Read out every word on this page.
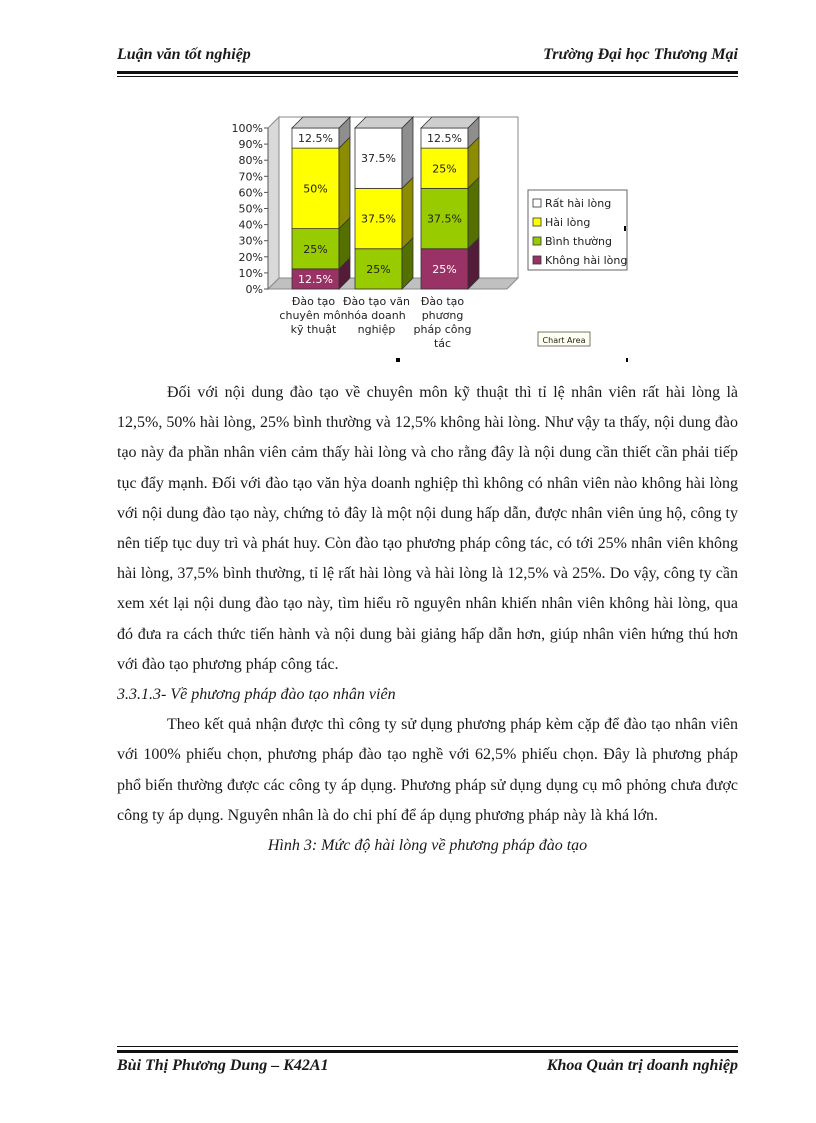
Luận văn tốt nghiệp	Trường Đại học Thương Mại
0%
10%
20%
30%
40%
50%
60%
70%
80%
90%
100%
12.5%
25%
50%
12.5%
Đào tạo
chuyên môn
kỹ thuật
25%
37.5%
37.5%
Đào tạo văn
hóa doanh
nghiệp
25%
37.5%
25%
12.5%
Đào tạo
phương
pháp công
tác
Rất hài lòng
Hài lòng
Bình thường
Không hài lòng
Chart Area

Đối với nội dung đào tạo về chuyên môn kỹ thuật thì tỉ lệ nhân viên rất hài lòng là 12,5%, 50% hài lòng, 25% bình thường và 12,5% không hài lòng. Như vậy ta thấy, nội dung đào tạo này đa phần nhân viên cảm thấy hài lòng và cho rằng đây là nội dung cần thiết cần phải tiếp tục đẩy mạnh. Đối với đào tạo văn hỳa doanh nghiệp thì không có nhân viên nào không hài lòng với nội dung đào tạo này, chứng tỏ đây là một nội dung hấp dẫn, được nhân viên ủng hộ, công ty nên tiếp tục duy trì và phát huy. Còn đào tạo phương pháp công tác, có tới 25% nhân viên không hài lòng, 37,5% bình thường, tỉ lệ rất hài lòng và hài lòng là 12,5% và 25%. Do vậy, công ty cần xem xét lại nội dung đào tạo này, tìm hiểu rõ nguyên nhân khiến nhân viên không hài lòng, qua đó đưa ra cách thức tiến hành và nội dung bài giảng hấp dẫn hơn, giúp nhân viên hứng thú hơn với đào tạo phương pháp công tác.

3.3.1.3- Về phương pháp đào tạo nhân viên

Theo kết quả nhận được thì công ty sử dụng phương pháp kèm cặp để đào tạo nhân viên với 100% phiếu chọn, phương pháp đào tạo nghề với 62,5% phiếu chọn. Đây là phương pháp phổ biến thường được các công ty áp dụng. Phương pháp sử dụng dụng cụ mô phỏng chưa được công ty áp dụng. Nguyên nhân là do chi phí để áp dụng phương pháp này là khá lớn.

Hình 3: Mức độ hài lòng về phương pháp đào tạo

Bùi Thị Phương Dung – K42A1	Khoa Quản trị doanh nghiệp
